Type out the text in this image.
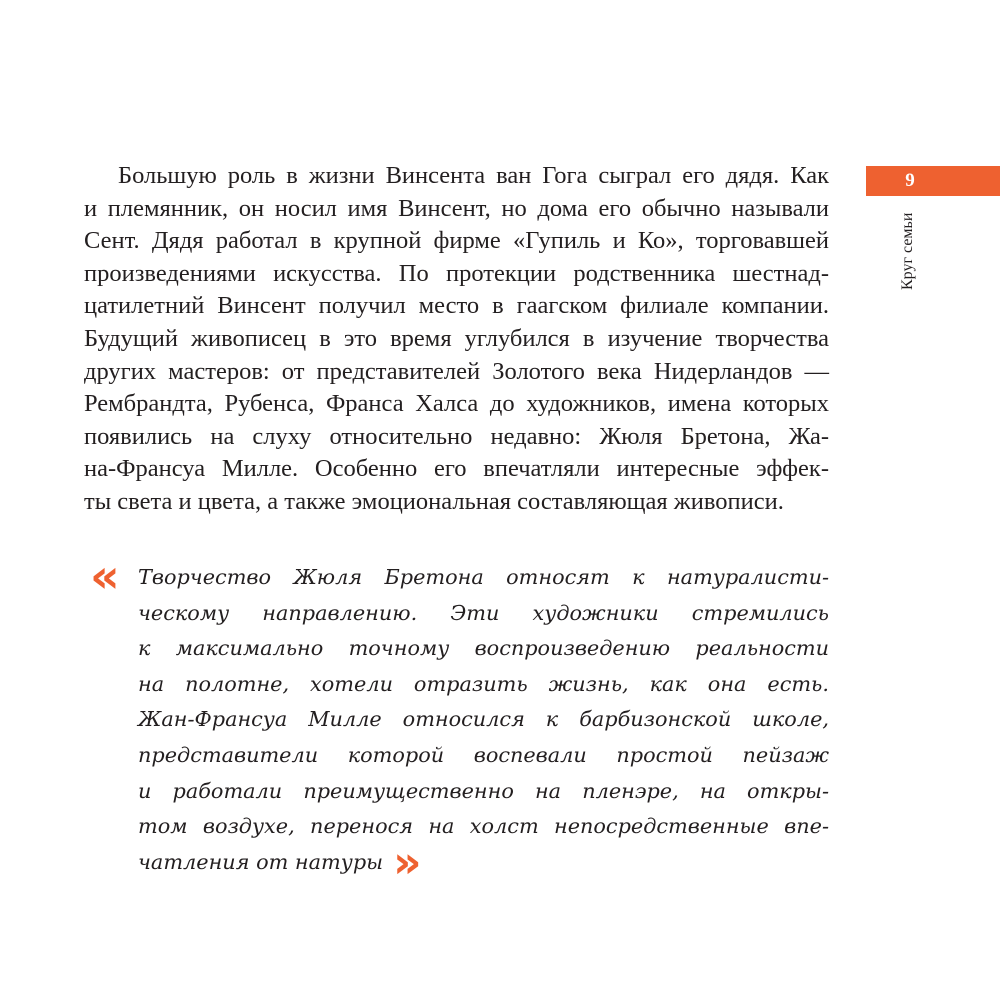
9
Круг семьи
Большую роль в жизни Винсента ван Гога сыграл его дядя. Как
и племянник, он носил имя Винсент, но дома его обычно называли
Сент. Дядя работал в крупной фирме «Гупиль и Ко», торговавшей
произведениями искусства. По протекции родственника шестнад-
цатилетний Винсент получил место в гаагском филиале компании.
Будущий живописец в это время углубился в изучение творчества
других мастеров: от представителей Золотого века Нидерландов —
Рембрандта, Рубенса, Франса Халса до художников, имена которых
появились на слуху относительно недавно: Жюля Бретона, Жа-
на-Франсуа Милле. Особенно его впечатляли интересные эффек-
ты света и цвета, а также эмоциональная составляющая живописи.
« Творчество Жюля Бретона относят к натуралисти-
ческому направлению. Эти художники стремились
к максимально точному воспроизведению реальности
на полотне, хотели отразить жизнь, как она есть.
Жан-Франсуа Милле относился к барбизонской школе,
представители которой воспевали простой пейзаж
и работали преимущественно на пленэре, на откры-
том воздухе, перенося на холст непосредственные впе-
чатления от натуры »
